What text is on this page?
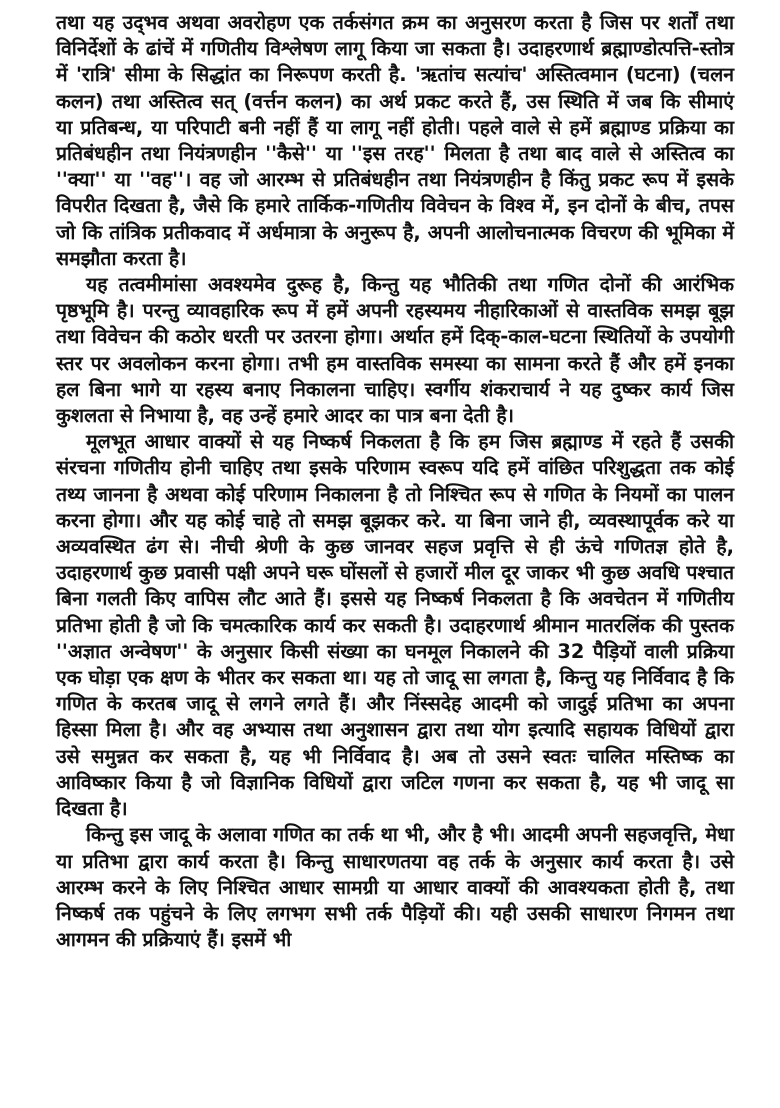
तथा यह उद्‌भव अथवा अवरोहण एक तर्कसंगत क्रम का अनुसरण करता है जिस पर शर्तों तथा विनिर्देशों के ढांचें में गणितीय विश्लेषण लागू किया जा सकता है। उदाहरणार्थ ब्रह्माण्डोत्पत्ति-स्तोत्र में 'रात्रि' सीमा के सिद्धांत का निरूपण करती है. 'ऋतांच सत्यांच' अस्तित्वमान (घटना) (चलन कलन) तथा अस्तित्व सत्‌ (वर्त्तन कलन) का अर्थ प्रकट करते हैं, उस स्थिति में जब कि सीमाएं या प्रतिबन्ध, या परिपाटी बनी नहीं हैं या लागू नहीं होती। पहले वाले से हमें ब्रह्माण्ड प्रक्रिया का प्रतिबंधहीन तथा नियंत्रणहीन ''कैसे'' या ''इस तरह'' मिलता है तथा बाद वाले से अस्तित्व का ''क्या'' या ''वह''। वह जो आरम्भ से प्रतिबंधहीन तथा नियंत्रणहीन है किंतु प्रकट रूप में इसके विपरीत दिखता है, जैसे कि हमारे तार्किक-गणितीय विवेचन के विश्व में, इन दोनों के बीच, तपस जो कि तांत्रिक प्रतीकवाद में अर्धमात्रा के अनुरूप है, अपनी आलोचनात्मक विचरण की भूमिका में समझौता करता है।

यह तत्वमीमांसा अवश्यमेव दुरूह है, किन्तु यह भौतिकी तथा गणित दोनों की आरंभिक पृष्ठभूमि है। परन्तु व्यावहारिक रूप में हमें अपनी रहस्यमय नीहारिकाओं से वास्तविक समझ बूझ तथा विवेचन की कठोर धरती पर उतरना होगा। अर्थात हमें दिक्‌-काल-घटना स्थितियों के उपयोगी स्तर पर अवलोकन करना होगा। तभी हम वास्तविक समस्या का सामना करते हैं और हमें इनका हल बिना भागे या रहस्य बनाए निकालना चाहिए। स्वर्गीय शंकराचार्य ने यह दुष्कर कार्य जिस कुशलता से निभाया है, वह उन्हें हमारे आदर का पात्र बना देती है।

मूलभूत आधार वाक्यों से यह निष्कर्ष निकलता है कि हम जिस ब्रह्माण्ड में रहते हैं उसकी संरचना गणितीय होनी चाहिए तथा इसके परिणाम स्वरूप यदि हमें वांछित परिशुद्धता तक कोई तथ्य जानना है अथवा कोई परिणाम निकालना है तो निश्चित रूप से गणित के नियमों का पालन करना होगा। और यह कोई चाहे तो समझ बूझकर करे. या बिना जाने ही, व्यवस्थापूर्वक करे या अव्यवस्थित ढंग से। नीची श्रेणी के कुछ जानवर सहज प्रवृत्ति से ही ऊंचे गणितज्ञ होते है, उदाहरणार्थ कुछ प्रवासी पक्षी अपने घरू घोंसलों से हजारों मील दूर जाकर भी कुछ अवधि पश्चात बिना गलती किए वापिस लौट आते हैं। इससे यह निष्कर्ष निकलता है कि अवचेतन में गणितीय प्रतिभा होती है जो कि चमत्कारिक कार्य कर सकती है। उदाहरणार्थ श्रीमान मातरलिंक की पुस्तक ''अज्ञात अन्वेषण'' के अनुसार किसी संख्या का घनमूल निकालने की 32 पैड़ियों वाली प्रक्रिया एक घोड़ा एक क्षण के भीतर कर सकता था। यह तो जादू सा लगता है, किन्तु यह निर्विवाद है कि गणित के करतब जादू से लगने लगते हैं। और निंस्सदेह आदमी को जादुई प्रतिभा का अपना हिस्सा मिला है। और वह अभ्यास तथा अनुशासन द्वारा तथा योग इत्यादि सहायक विधियों द्वारा उसे समुन्नत कर सकता है, यह भी निर्विवाद है। अब तो उसने स्वतः चालित मस्तिष्क का आविष्कार किया है जो विज्ञानिक विधियों द्वारा जटिल गणना कर सकता है, यह भी जादू सा दिखता है।

किन्तु इस जादू के अलावा गणित का तर्क था भी, और है भी। आदमी अपनी सहजवृत्ति, मेधा या प्रतिभा द्वारा कार्य करता है। किन्तु साधारणतया वह तर्क के अनुसार कार्य करता है। उसे आरम्भ करने के लिए निश्चित आधार सामग्री या आधार वाक्यों की आवश्यकता होती है, तथा निष्कर्ष तक पहुंचने के लिए लगभग सभी तर्क पैड़ियों की। यही उसकी साधारण निगमन तथा आगमन की प्रक्रियाएं हैं। इसमें भी
